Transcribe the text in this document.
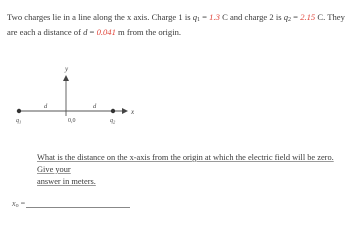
Two charges lie in a line along the x axis. Charge 1 is q1 = 1.3 C and charge 2 is q2 = 2.15 C. They are each a distance of d = 0.041 m from the origin.
y
x
d	d
0,0
$q_1$	$q_2$
What is the distance on the x-axis from the origin at which the electric field will be zero. Give your
answer in meters.
xo =
